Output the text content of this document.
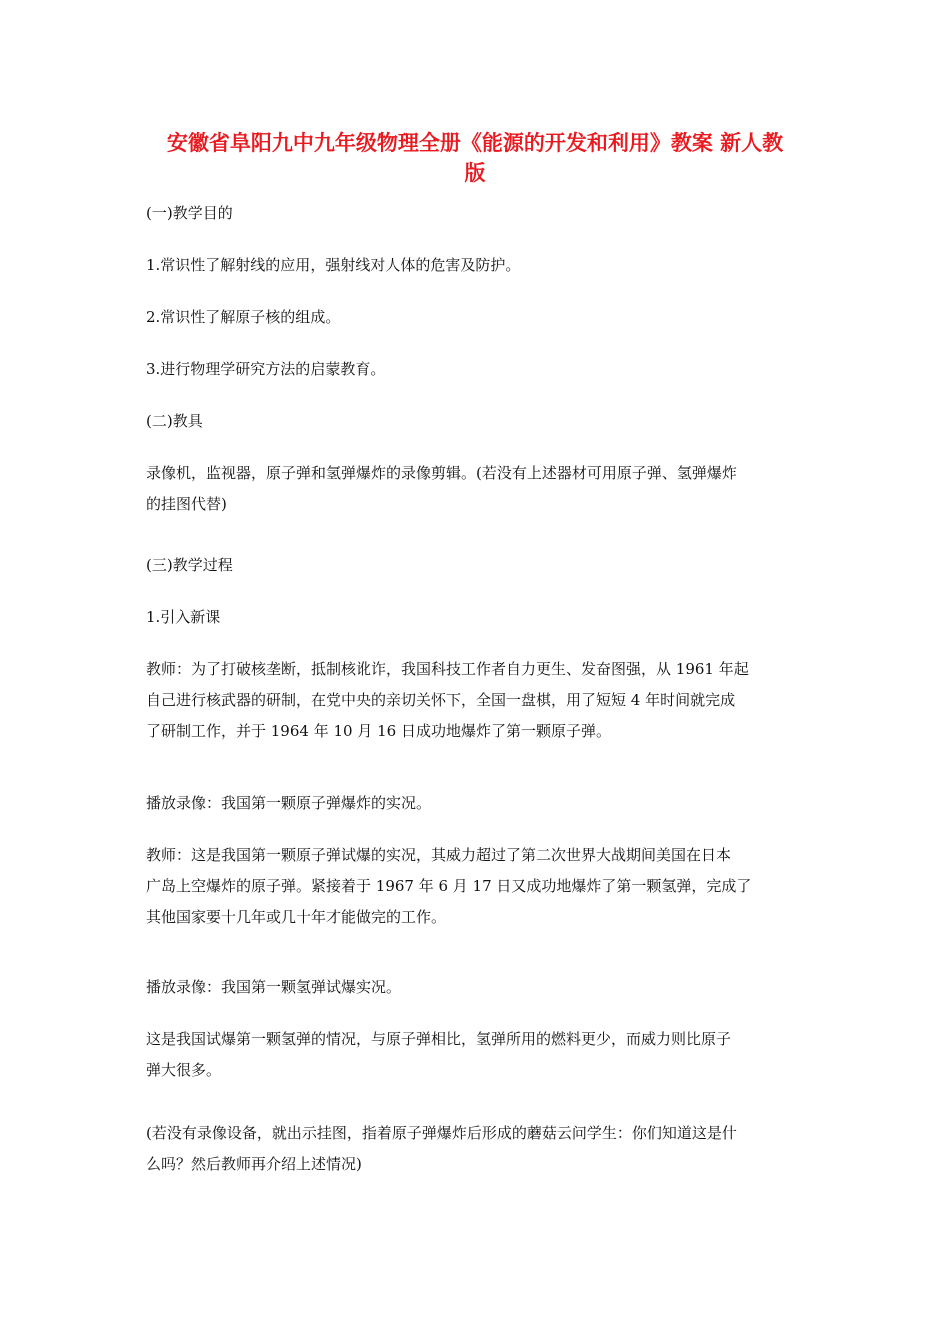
安徽省阜阳九中九年级物理全册《能源的开发和利用》教案 新人教
版

(一)教学目的

1.常识性了解射线的应用，强射线对人体的危害及防护。

2.常识性了解原子核的组成。

3.进行物理学研究方法的启蒙教育。

(二)教具

录像机，监视器，原子弹和氢弹爆炸的录像剪辑。(若没有上述器材可用原子弹、氢弹爆炸
的挂图代替)

(三)教学过程

1.引入新课

教师：为了打破核垄断，抵制核讹诈，我国科技工作者自力更生、发奋图强，从 1961 年起
自己进行核武器的研制，在党中央的亲切关怀下，全国一盘棋，用了短短 4 年时间就完成
了研制工作，并于 1964 年 10 月 16 日成功地爆炸了第一颗原子弹。

播放录像：我国第一颗原子弹爆炸的实况。

教师：这是我国第一颗原子弹试爆的实况，其威力超过了第二次世界大战期间美国在日本
广岛上空爆炸的原子弹。紧接着于 1967 年 6 月 17 日又成功地爆炸了第一颗氢弹，完成了
其他国家要十几年或几十年才能做完的工作。

播放录像：我国第一颗氢弹试爆实况。

这是我国试爆第一颗氢弹的情况，与原子弹相比，氢弹所用的燃料更少，而威力则比原子
弹大很多。

(若没有录像设备，就出示挂图，指着原子弹爆炸后形成的蘑菇云问学生：你们知道这是什
么吗？然后教师再介绍上述情况)
